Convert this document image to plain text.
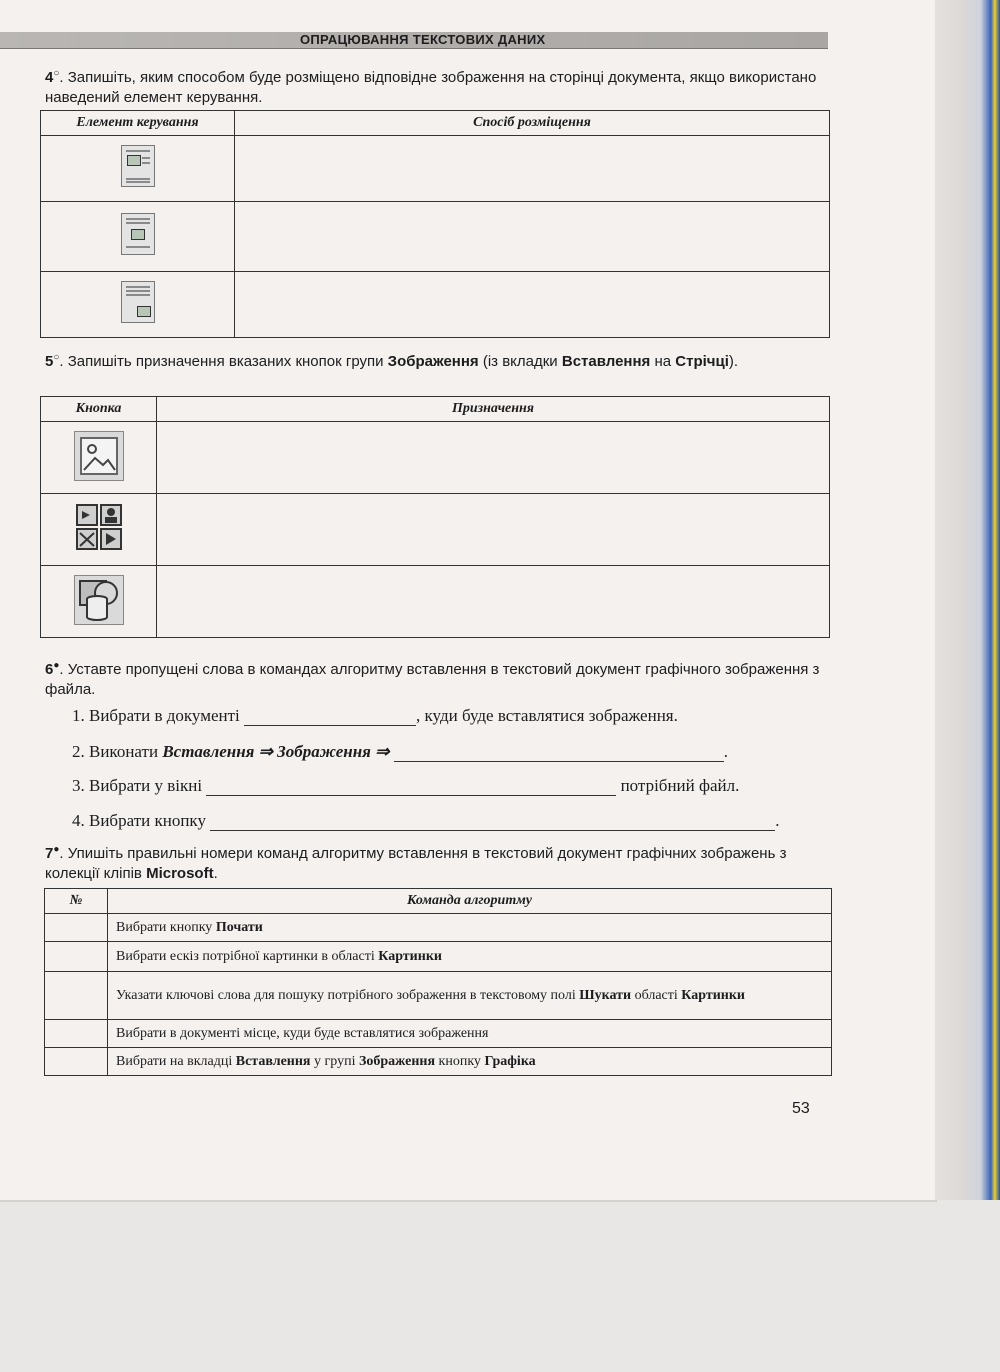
ОПРАЦЮВАННЯ ТЕКСТОВИХ ДАНИХ
4○. Запишіть, яким способом буде розміщено відповідне зображення на сторінці документа, якщо використано наведений елемент керування.
Елемент керування	Спосіб розміщення

5○. Запишіть призначення вказаних кнопок групи Зображення (із вкладки Вставлення на Стрічці).
Кнопка	Призначення

6●. Уставте пропущені слова в командах алгоритму вставлення в текстовий документ графічного зображення з файла.
1. Вибрати в документі	, куди буде вставлятися зображення.
2. Виконати Вставлення ⇒ Зображення ⇒	.
3. Вибрати у вікні	потрібний файл.
4. Вибрати кнопку	.
7●. Упишіть правильні номери команд алгоритму вставлення в текстовий документ графічних зображень з колекції кліпів Microsoft.
№	Команда алгоритму
	Вибрати кнопку Почати
	Вибрати ескіз потрібної картинки в області Картинки
	Указати ключові слова для пошуку потрібного зображення в текстовому полі Шукати області Картинки
	Вибрати в документі місце, куди буде вставлятися зображення
	Вибрати на вкладці Вставлення у групі Зображення кнопку Графіка
53
